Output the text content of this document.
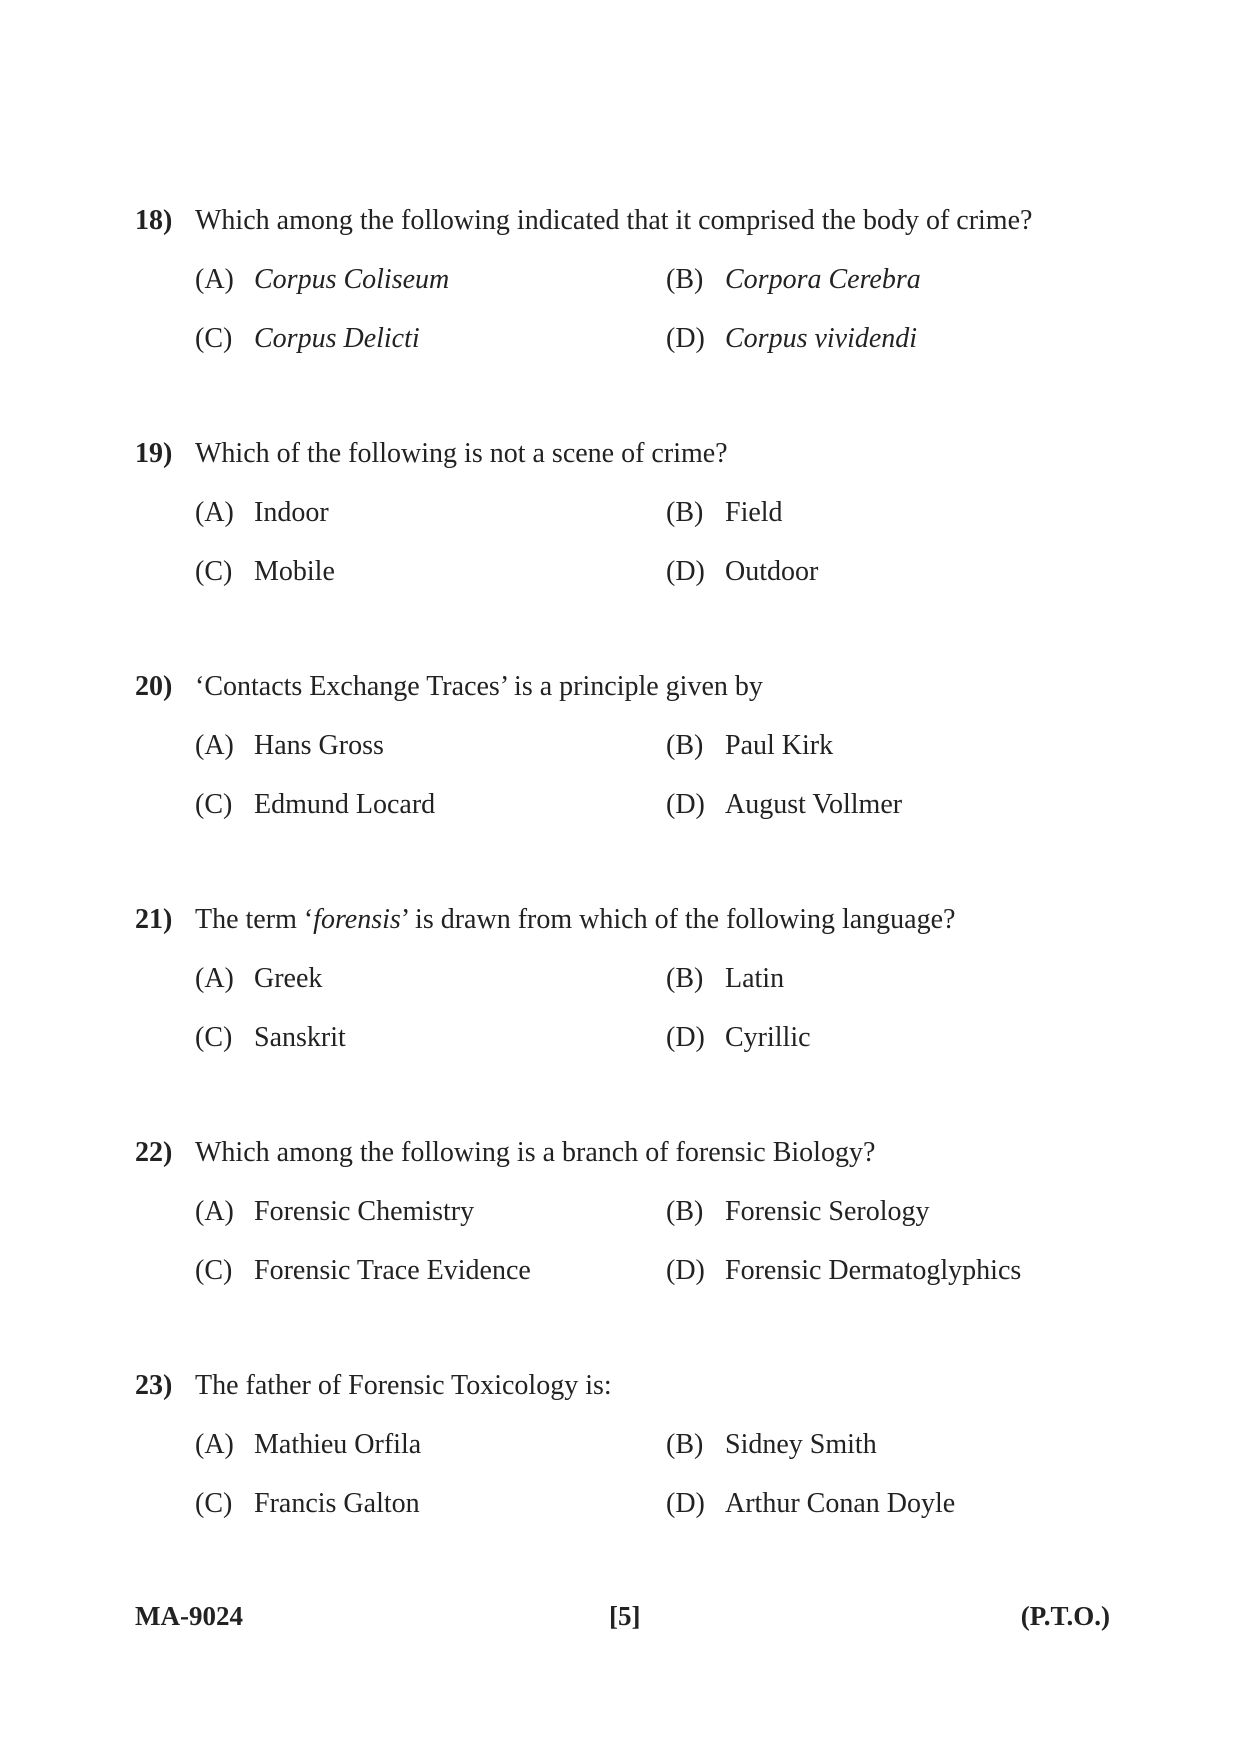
18) Which among the following indicated that it comprised the body of crime?
(A) Corpus Coliseum	(B) Corpora Cerebra
(C) Corpus Delicti	(D) Corpus vividendi
19) Which of the following is not a scene of crime?
(A) Indoor	(B) Field
(C) Mobile	(D) Outdoor
20) ‘Contacts Exchange Traces’ is a principle given by
(A) Hans Gross	(B) Paul Kirk
(C) Edmund Locard	(D) August Vollmer
21) The term ‘forensis’ is drawn from which of the following language?
(A) Greek	(B) Latin
(C) Sanskrit	(D) Cyrillic
22) Which among the following is a branch of forensic Biology?
(A) Forensic Chemistry	(B) Forensic Serology
(C) Forensic Trace Evidence	(D) Forensic Dermatoglyphics
23) The father of Forensic Toxicology is:
(A) Mathieu Orfila	(B) Sidney Smith
(C) Francis Galton	(D) Arthur Conan Doyle
MA-9024	[5]	(P.T.O.)
